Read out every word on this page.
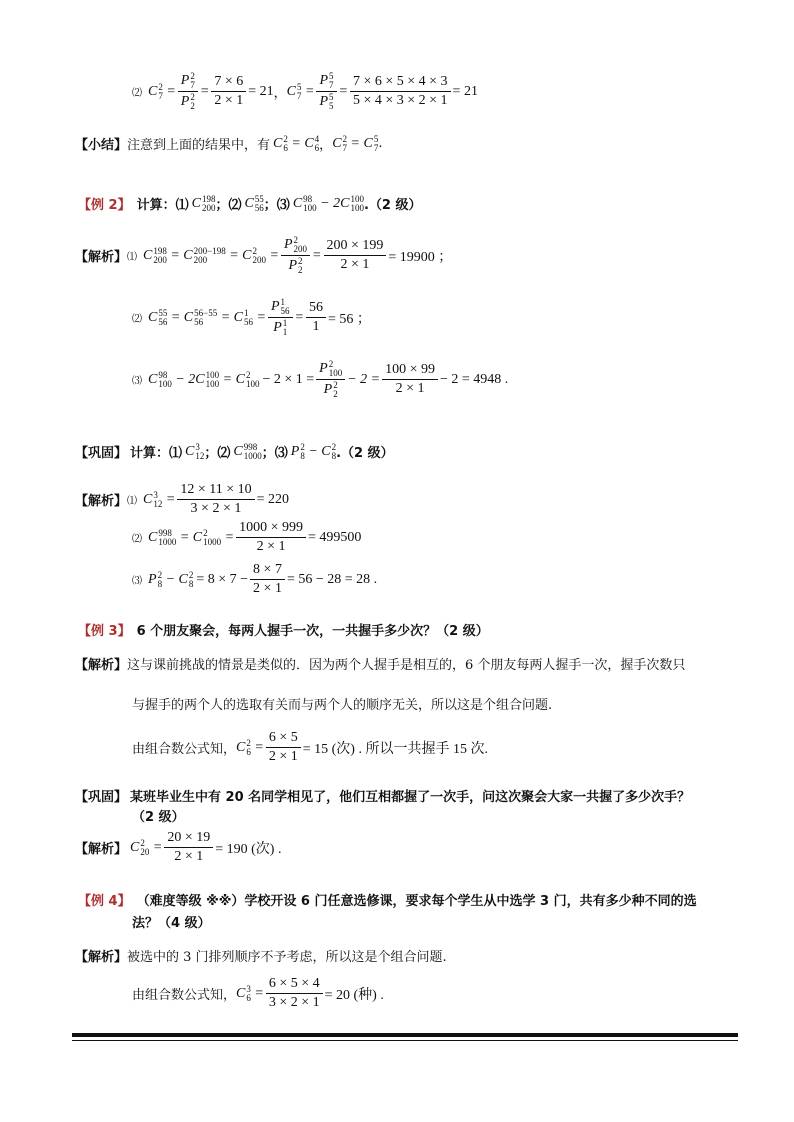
⑵ C 2
7 = P 2
7
P 2
$2 = \frac{7 \times 6}{2 \times 1} = 21$ ， C 5
7 = P 5
7
P 5
$5 = \frac{7 \times 6 \times 5 \times 4 \times 3}{5 \times 4 \times 3 \times 2 \times 1} = 21$
【小结】 注意到上面的结果中，有 C 2
6 = C 4
6 ， C 2
7 = C 5
7 .
【例 2】 计算：⑴ C 198
200 ；⑵ C 55
56 ；⑶ C 98
100 − 2C 100
100 .（2 级）
【解析】 ⑴ C 198
200 = C 200−198
200	= C 2
200 = P 2
200
P 2
$2 = \frac{200 \times 199}{2 \times 1} = 19900$ ；
⑵ C 55
56 = C 56−55
56	= C 1
56 = P 1
56
P 1
$1 = \frac{56}{1} = 56$ ；
⑶ C 98
100 − 2C 100
100 = C 2
100 − 2 × 1 = P 2
100
P 2
$2 - 2 = \frac{100 \times 99}{2 \times 1} - 2 = 4948$ .
【巩固】 计算：⑴ C 3
12 ；⑵ C 998
1000 ；⑶ P 2
8 − C 2
8 .（2 级）
【解析】 ⑴ C 3
$12 = \frac{12 \times 11 \times 10}{3 \times 2 \times 1} = 220$
⑵ C 998
1000 = C 2
$1000 = \frac{1000 \times 999}{2 \times 1} = 499500$
⑶ P 2
8 − C 2
$8 = 8 \times 7 - \frac{8 \times 7}{2 \times 1} = 56 - 28 = 28$ .
【例 3】 6 个朋友聚会，每两人握手一次，一共握手多少次？（2 级）
【解析】 这与课前挑战的情景是类似的．因为两个人握手是相互的，6 个朋友每两人握手一次，握手次数只
与握手的两个人的选取有关而与两个人的顺序无关，所以这是个组合问题.
由组合数公式知， C 2
$6 = \frac{6 \times 5}{2 \times 1} = 15$ (次) . 所以一共握手 15 次.
【巩固】 某班毕业生中有 20 名同学相见了，他们互相都握了一次手，问这次聚会大家一共握了多少次手？
（2 级）
【解析】 C 2
$20 = \frac{20 \times 19}{2 \times 1} = 190$ (次) .
【例 4】 （难度等级 ※※）学校开设 6 门任意选修课，要求每个学生从中选学 3 门，共有多少种不同的选
法？（4 级）
【解析】 被选中的 3 门排列顺序不予考虑，所以这是个组合问题.
由组合数公式知， C 3
$6 = \frac{6 \times 5 \times 4}{3 \times 2 \times 1} = 20$ (种) .
